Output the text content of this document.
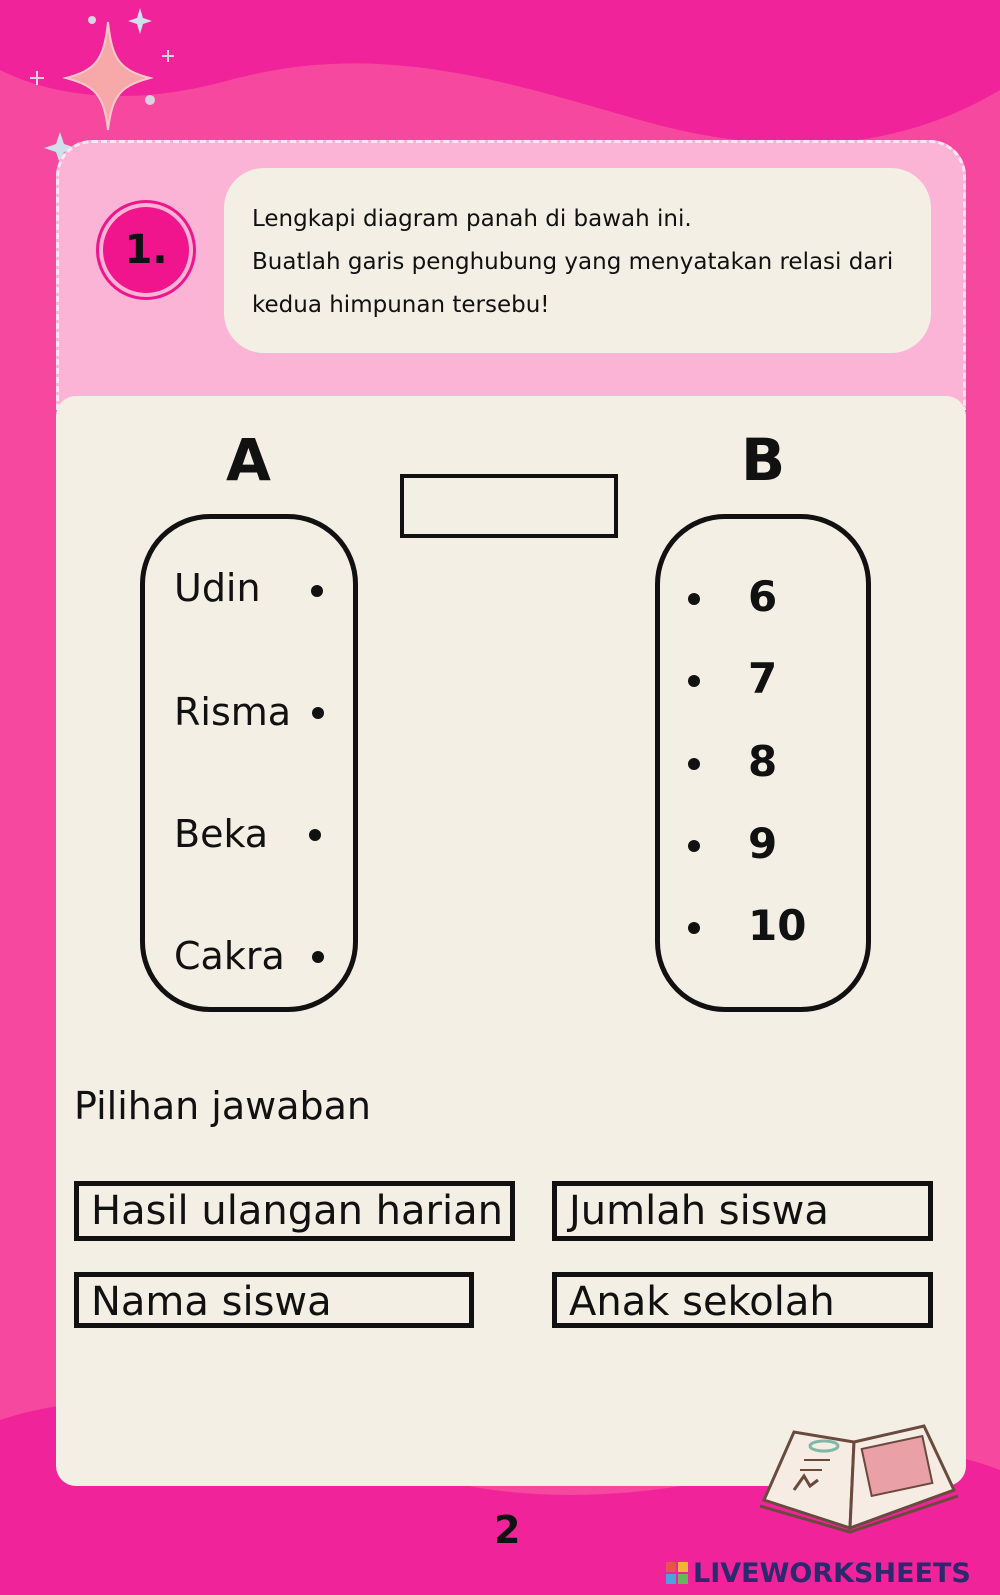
1.
Lengkapi diagram panah di bawah ini.
Buatlah garis penghubung yang menyatakan relasi dari
kedua himpunan tersebu!
A	B
Udin
Risma
Beka
Cakra
6
7
8
9
10
Pilihan jawaban
Hasil ulangan harian	Jumlah siswa
Nama siswa	Anak sekolah
2
LIVEWORKSHEETS
